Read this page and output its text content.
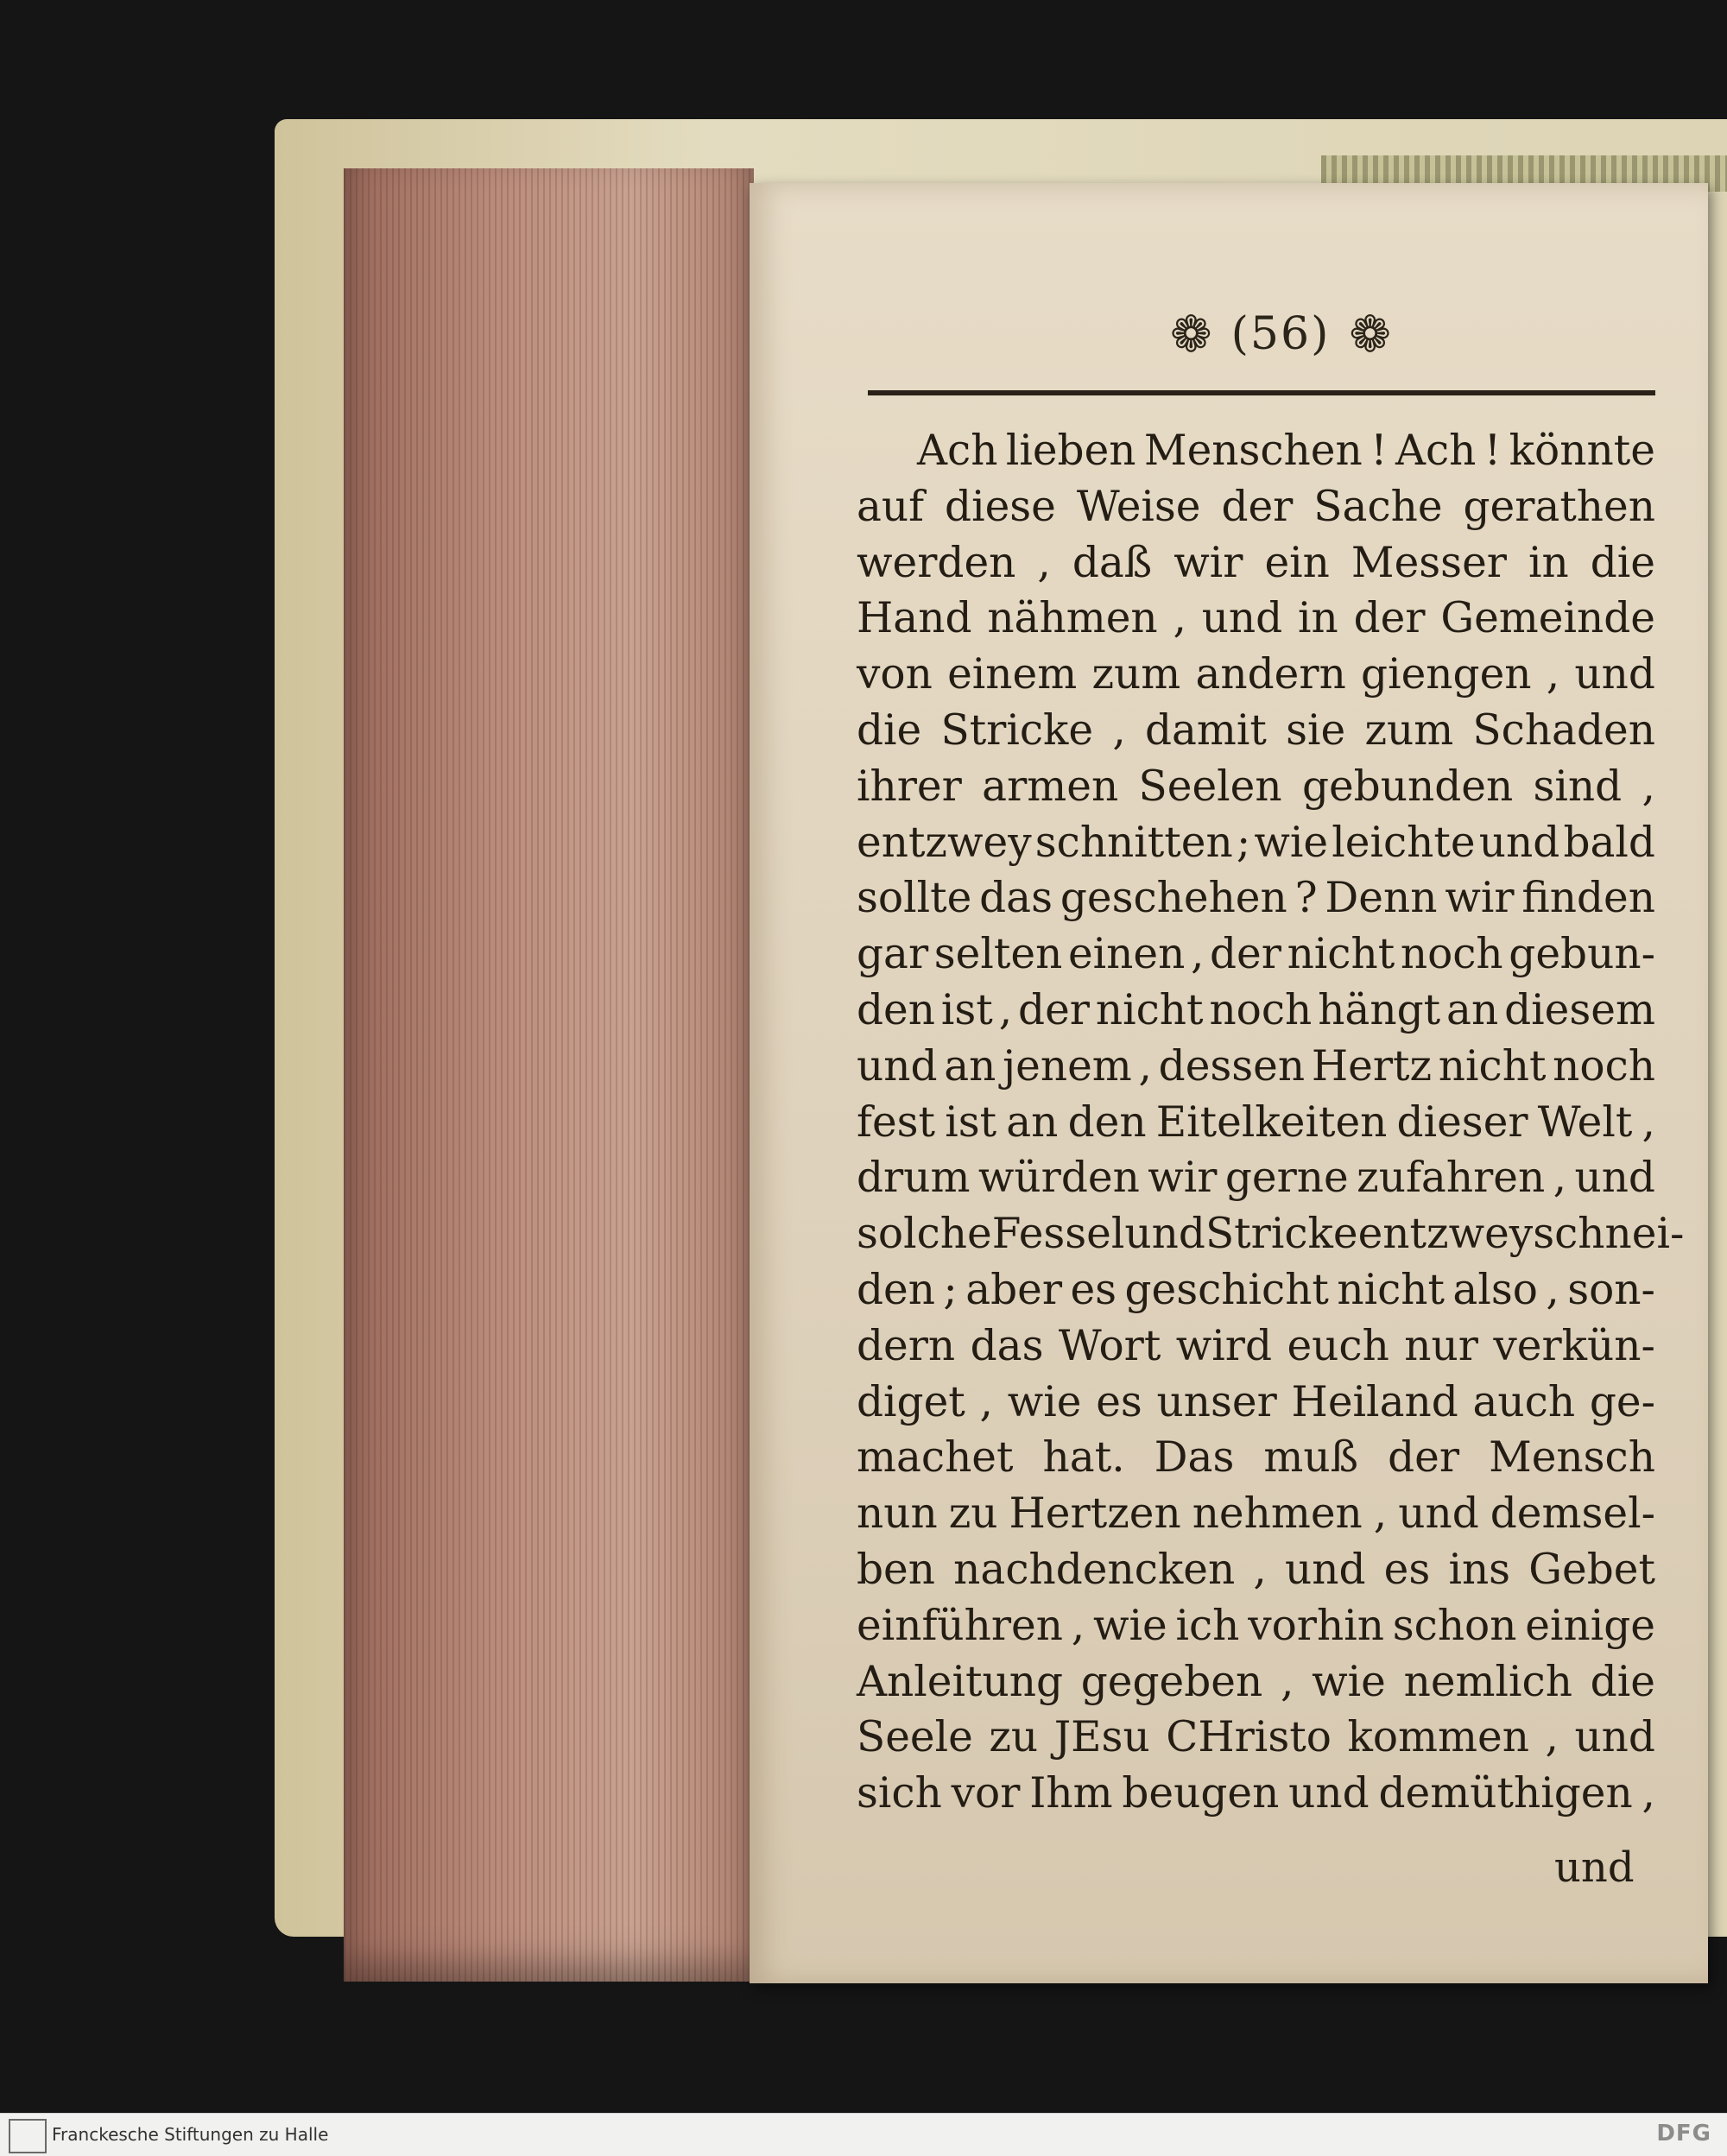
❁ (56) ❁
Ach lieben Menschen ! Ach ! könnte
auf diese Weise der Sache gerathen
werden , daß wir ein Messer in die
Hand nähmen , und in der Gemeinde
von einem zum andern giengen , und
die Stricke , damit sie zum Schaden
ihrer armen Seelen gebunden sind ,
entzwey schnitten ; wie leichte und bald
sollte das geschehen ? Denn wir finden
gar selten einen , der nicht noch gebun-
den ist , der nicht noch hängt an diesem
und an jenem , dessen Hertz nicht noch
fest ist an den Eitelkeiten dieser Welt ,
drum würden wir gerne zufahren , und
solche Fessel und Stricke entzwey schnei-
den ; aber es geschicht nicht also , son-
dern das Wort wird euch nur verkün-
diget , wie es unser Heiland auch ge-
machet hat. Das muß der Mensch
nun zu Hertzen nehmen , und demsel-
ben nachdencken , und es ins Gebet
einführen , wie ich vorhin schon einige
Anleitung gegeben , wie nemlich die
Seele zu JEsu CHristo kommen , und
sich vor Ihm beugen und demüthigen ,
und
Franckesche Stiftungen zu Halle	DFG
